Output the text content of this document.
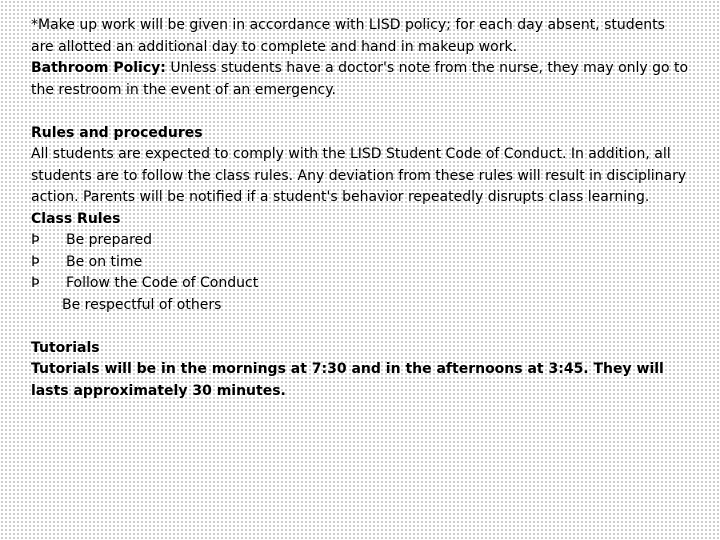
*Make up work will be given in accordance with LISD policy; for each day absent, students are allotted an additional day to complete and hand in makeup work.

Bathroom Policy: Unless students have a doctor's note from the nurse, they may only go to the restroom in the event of an emergency.

Rules and procedures

All students are expected to comply with the LISD Student Code of Conduct. In addition, all students are to follow the class rules. Any deviation from these rules will result in disciplinary action. Parents will be notified if a student's behavior repeatedly disrupts class learning.

Class Rules

Þ Be prepared
Þ Be on time
Þ Follow the Code of Conduct
Be respectful of others

Tutorials

Tutorials will be in the mornings at 7:30 and in the afternoons at 3:45. They will lasts approximately 30 minutes.
